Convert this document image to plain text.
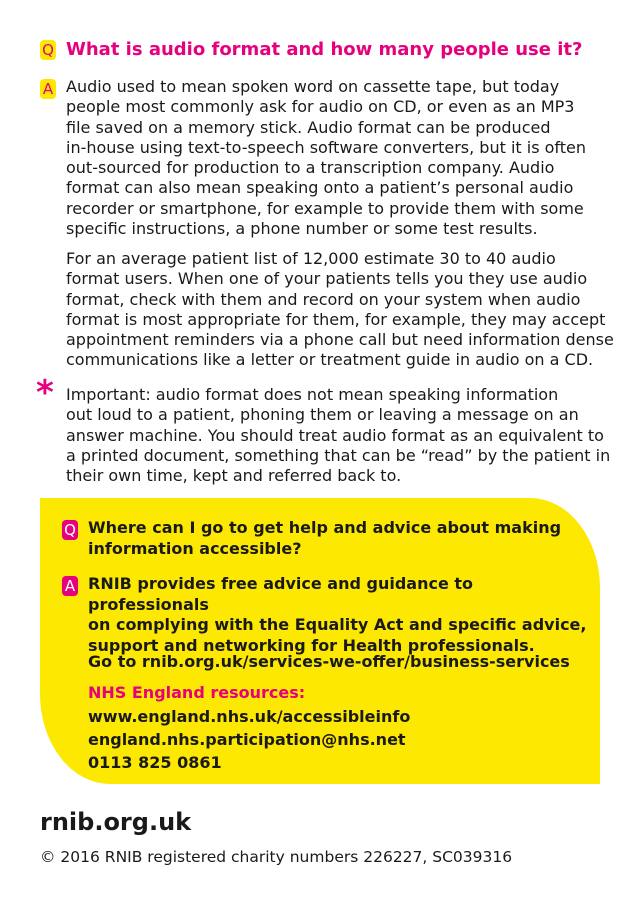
Q What is audio format and how many people use it?
A Audio used to mean spoken word on cassette tape, but today
people most commonly ask for audio on CD, or even as an MP3
file saved on a memory stick. Audio format can be produced
in-house using text-to-speech software converters, but it is often
out-sourced for production to a transcription company. Audio
format can also mean speaking onto a patient’s personal audio
recorder or smartphone, for example to provide them with some
specific instructions, a phone number or some test results.
For an average patient list of 12,000 estimate 30 to 40 audio
format users. When one of your patients tells you they use audio
format, check with them and record on your system when audio
format is most appropriate for them, for example, they may accept
appointment reminders via a phone call but need information dense
communications like a letter or treatment guide in audio on a CD.
* Important: audio format does not mean speaking information
out loud to a patient, phoning them or leaving a message on an
answer machine. You should treat audio format as an equivalent to
a printed document, something that can be “read” by the patient in
their own time, kept and referred back to.
Q Where can I go to get help and advice about making
information accessible?
A RNIB provides free advice and guidance to professionals
on complying with the Equality Act and specific advice,
support and networking for Health professionals.
Go to rnib.org.uk/services-we-offer/business-services
NHS England resources:
www.england.nhs.uk/accessibleinfo
england.nhs.participation@nhs.net
0113 825 0861
rnib.org.uk
© 2016 RNIB registered charity numbers 226227, SC039316
